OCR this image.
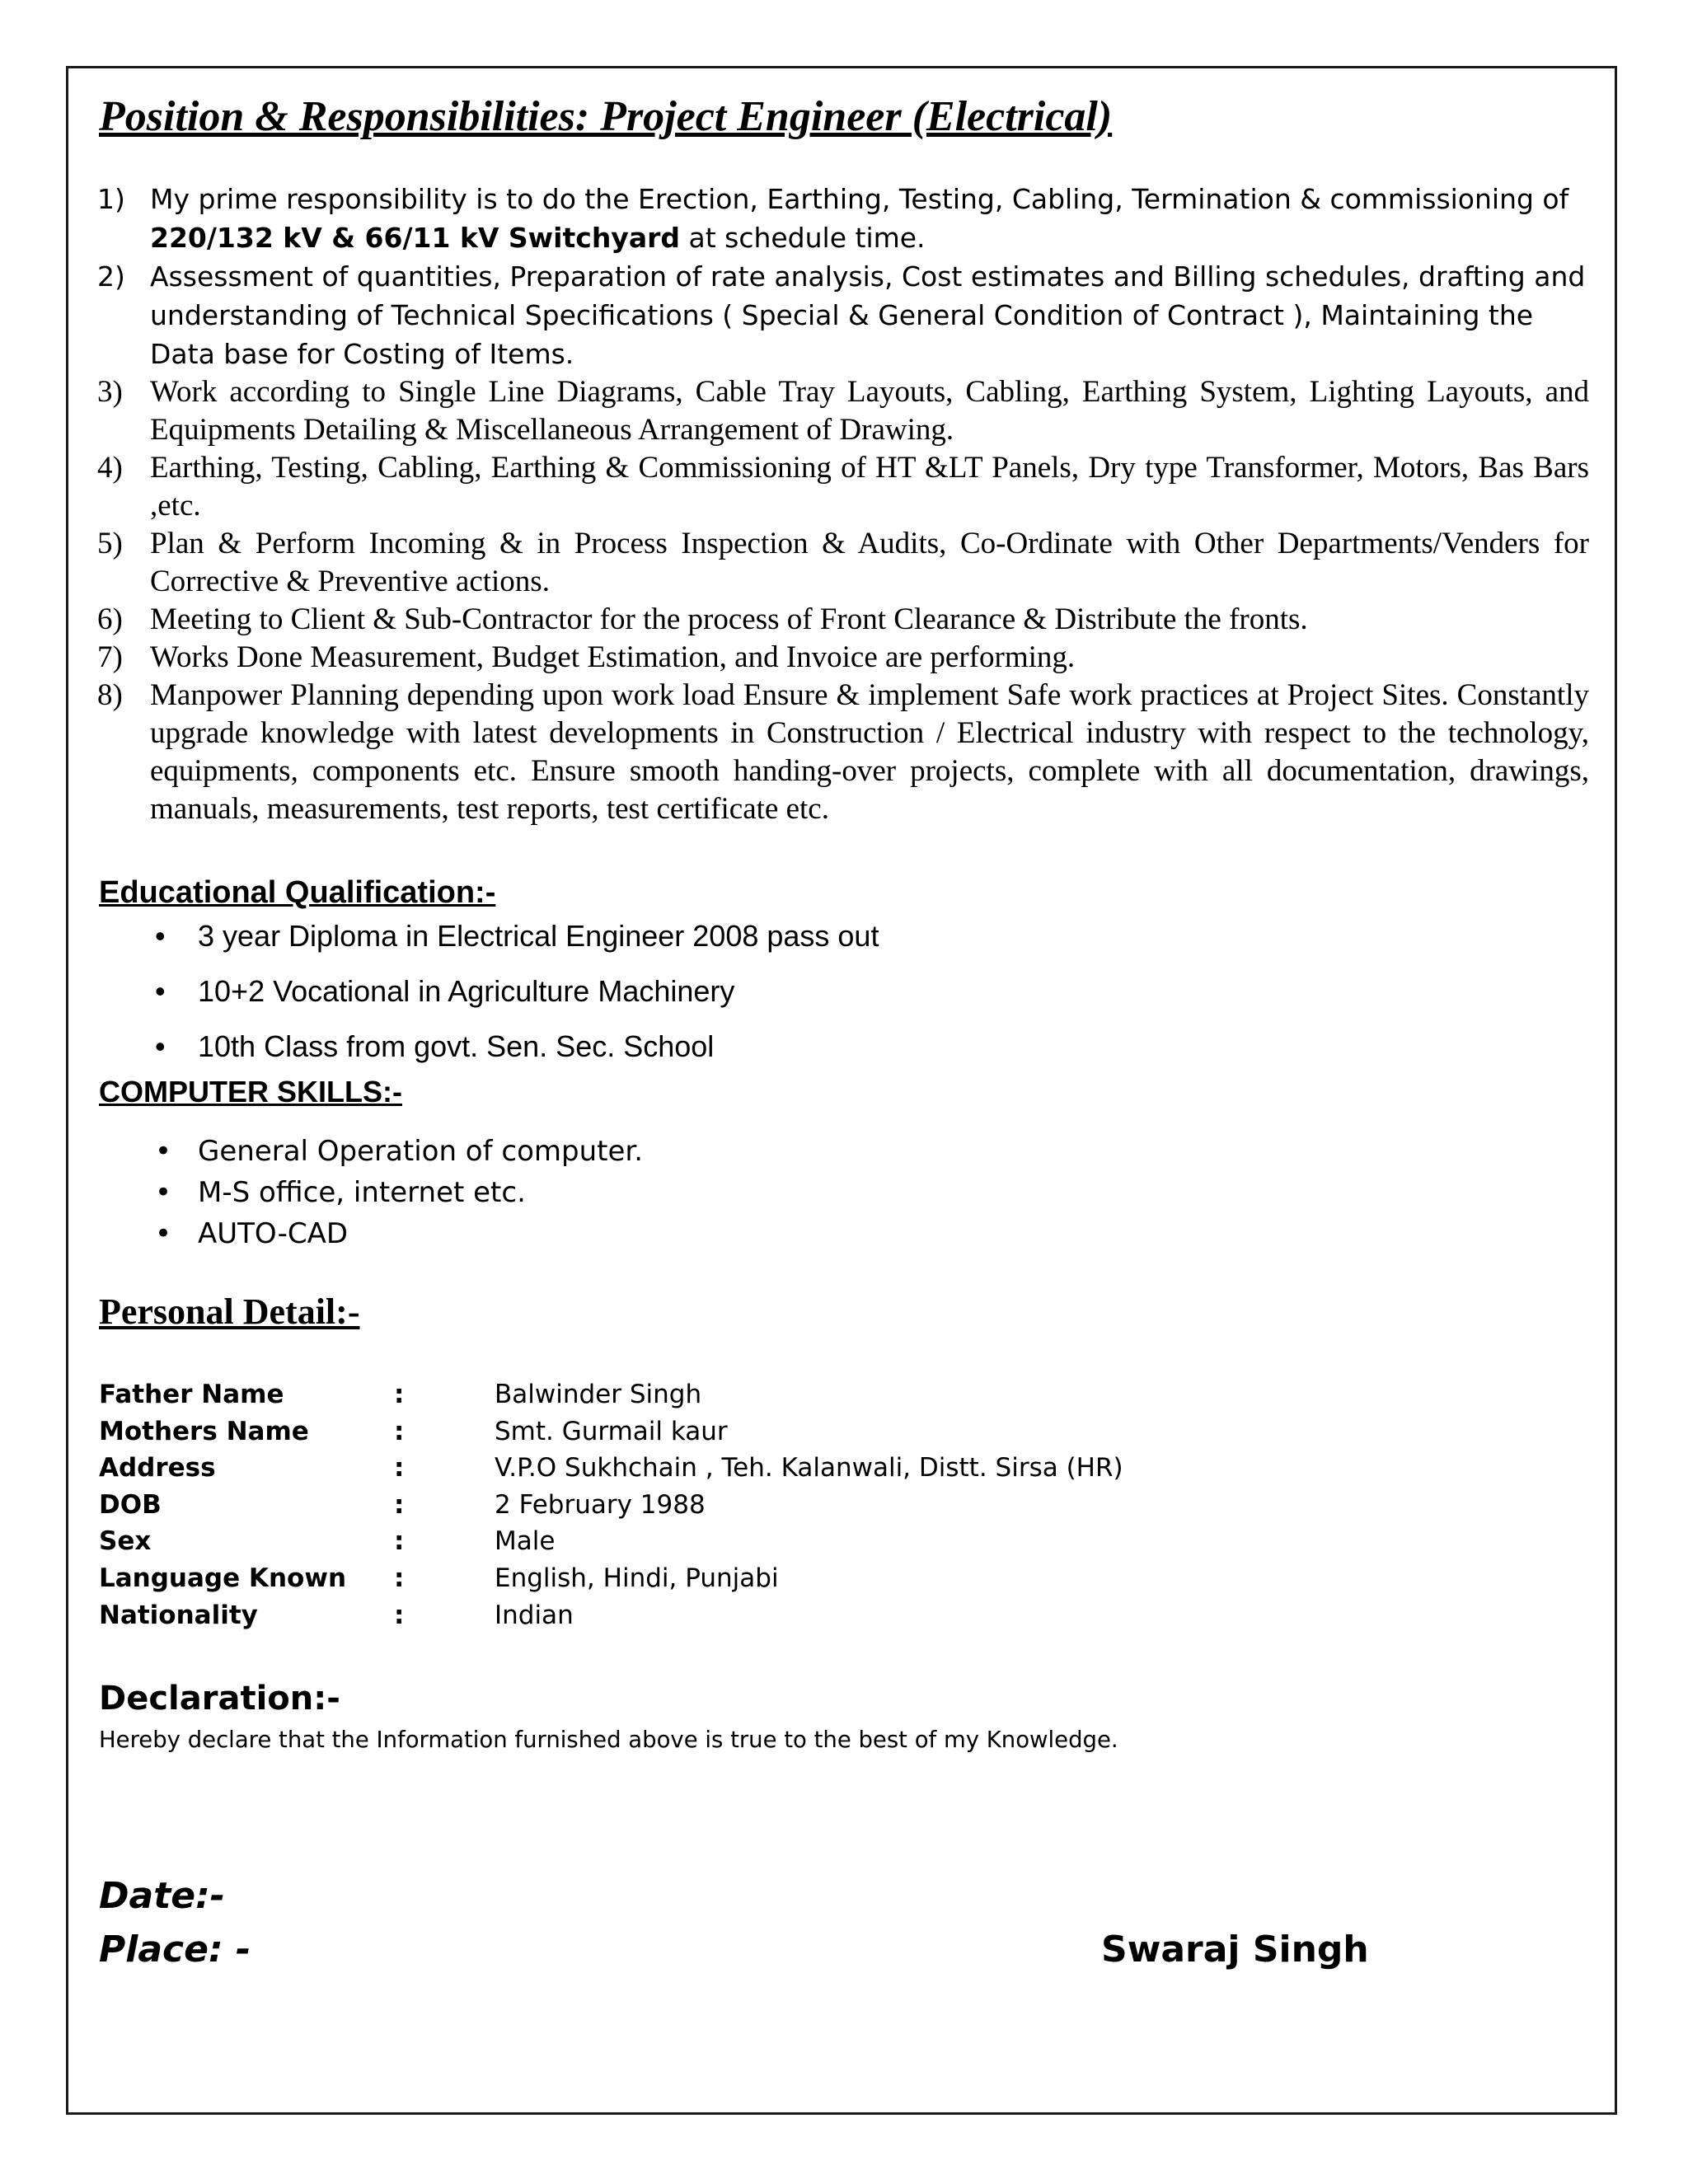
Position & Responsibilities: Project Engineer (Electrical)
1) My prime responsibility is to do the Erection, Earthing, Testing, Cabling, Termination & commissioning of 220/132 kV & 66/11 kV Switchyard at schedule time.
2) Assessment of quantities, Preparation of rate analysis, Cost estimates and Billing schedules, drafting and understanding of Technical Specifications ( Special & General Condition of Contract ), Maintaining the Data base for Costing of Items.
3) Work according to Single Line Diagrams, Cable Tray Layouts, Cabling, Earthing System, Lighting Layouts, and Equipments Detailing & Miscellaneous Arrangement of Drawing.
4) Earthing, Testing, Cabling, Earthing & Commissioning of HT &LT Panels, Dry type Transformer, Motors, Bas Bars ,etc.
5) Plan & Perform Incoming & in Process Inspection & Audits, Co-Ordinate with Other Departments/Venders for Corrective & Preventive actions.
6) Meeting to Client & Sub-Contractor for the process of Front Clearance & Distribute the fronts.
7) Works Done Measurement, Budget Estimation, and Invoice are performing.
8) Manpower Planning depending upon work load Ensure & implement Safe work practices at Project Sites. Constantly upgrade knowledge with latest developments in Construction / Electrical industry with respect to the technology, equipments, components etc. Ensure smooth handing-over projects, complete with all documentation, drawings, manuals, measurements, test reports, test certificate etc.
Educational Qualification:-
• 3 year Diploma in Electrical Engineer 2008 pass out
• 10+2 Vocational in Agriculture Machinery
• 10th Class from govt. Sen. Sec. School
COMPUTER SKILLS:-
• General Operation of computer.
• M-S office, internet etc.
• AUTO-CAD
Personal Detail:-
Father Name	:	Balwinder Singh
Mothers Name	:	Smt. Gurmail kaur
Address	:	V.P.O Sukhchain , Teh. Kalanwali, Distt. Sirsa (HR)
DOB	:	2 February 1988
Sex	:	Male
Language Known :	English, Hindi, Punjabi
Nationality	:	Indian
Declaration:-
Hereby declare that the Information furnished above is true to the best of my Knowledge.
Date:-
Place: -	Swaraj Singh
